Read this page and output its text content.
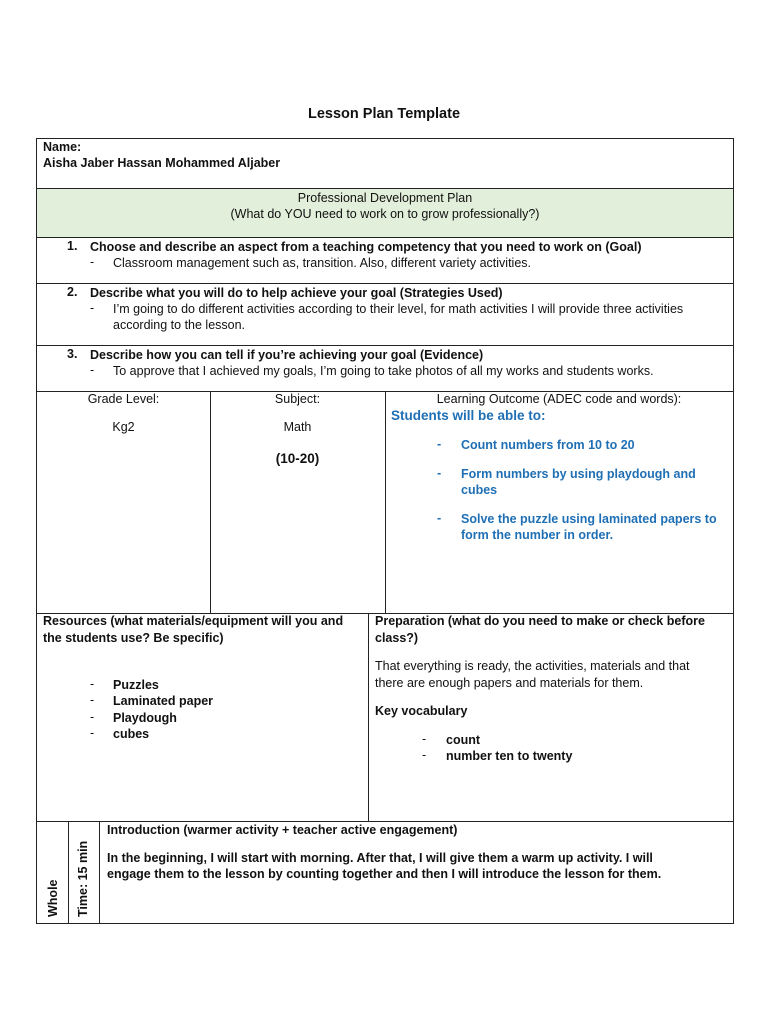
Lesson Plan Template
Name:
Aisha Jaber Hassan Mohammed Aljaber
Professional Development Plan
(What do YOU need to work on to grow professionally?)
1. Choose and describe an aspect from a teaching competency that you need to work on (Goal)
- Classroom management such as, transition. Also, different variety activities.
2. Describe what you will do to help achieve your goal (Strategies Used)
- I’m going to do different activities according to their level, for math activities I will provide three activities
according to the lesson.
3. Describe how you can tell if you’re achieving your goal (Evidence)
- To approve that I achieved my goals, I’m going to take photos of all my works and students works.
Grade Level:
Kg2
Subject:
Math
(10-20)
Learning Outcome (ADEC code and words):
Students will be able to:
- Count numbers from 10 to 20
- Form numbers by using playdough and
cubes
- Solve the puzzle using laminated papers to
form the number in order.
Resources (what materials/equipment will you and
the students use? Be specific)
- Puzzles
- Laminated paper
- Playdough
- cubes
Preparation (what do you need to make or check before
class?)
That everything is ready, the activities, materials and that
there are enough papers and materials for them.
Key vocabulary
- count
- number ten to twenty
Whole Time: 15 min
Introduction (warmer activity + teacher active engagement)
In the beginning, I will start with morning. After that, I will give them a warm up activity. I will
engage them to the lesson by counting together and then I will introduce the lesson for them.
